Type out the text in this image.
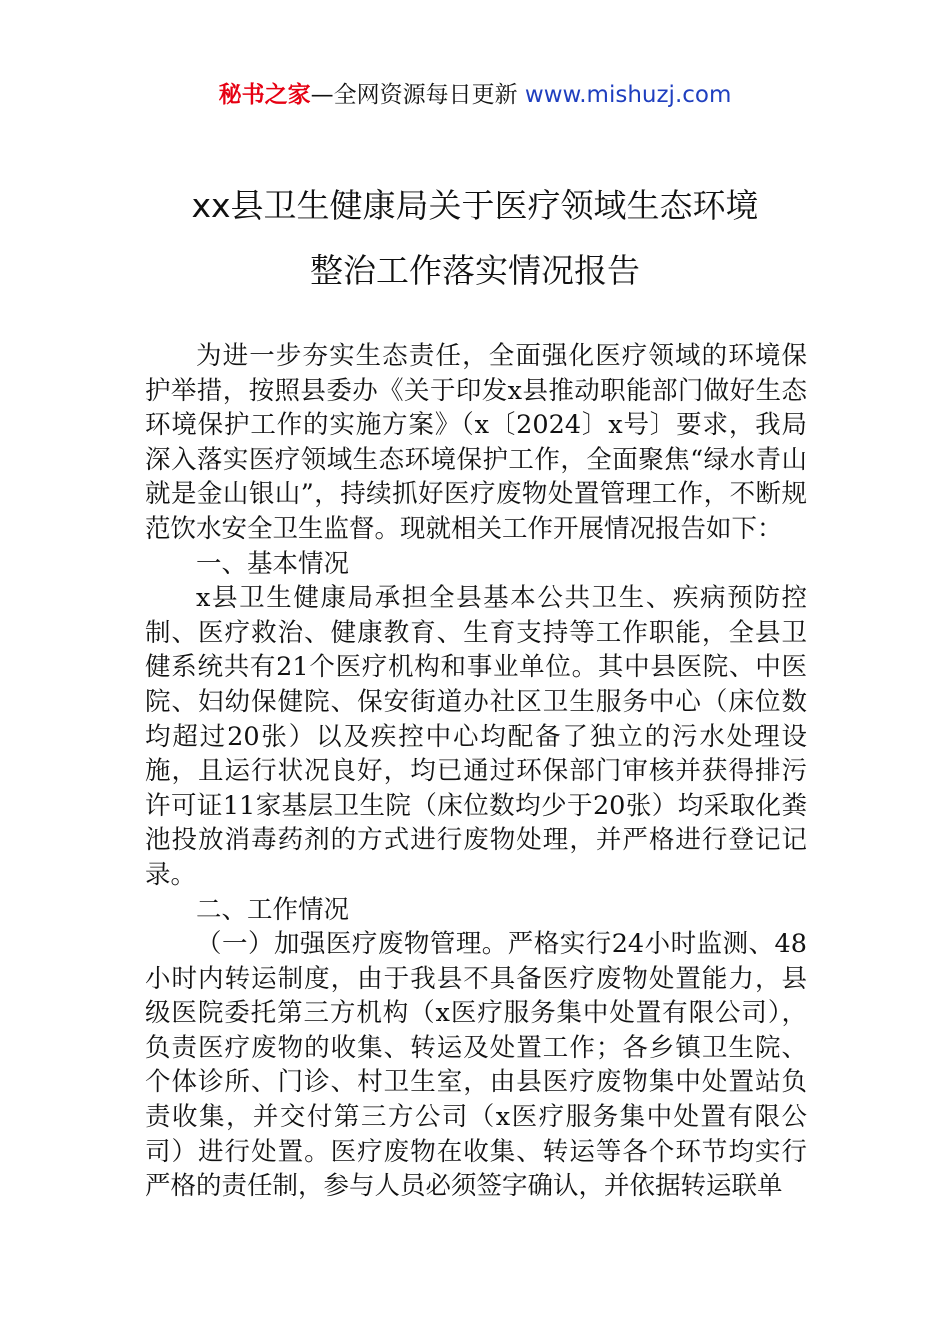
秘书之家—全网资源每日更新 www.mishuzj.com
xx县卫生健康局关于医疗领域生态环境
整治工作落实情况报告

为进一步夯实生态责任，全面强化医疗领域的环境保护举措，按照县委办《关于印发x县推动职能部门做好生态环境保护工作的实施方案》（x〔2024〕x号〕要求，我局深入落实医疗领域生态环境保护工作，全面聚焦“绿水青山就是金山银山”，持续抓好医疗废物处置管理工作，不断规范饮水安全卫生监督。现就相关工作开展情况报告如下：

一、基本情况

x县卫生健康局承担全县基本公共卫生、疾病预防控制、医疗救治、健康教育、生育支持等工作职能，全县卫健系统共有21个医疗机构和事业单位。其中县医院、中医院、妇幼保健院、保安街道办社区卫生服务中心（床位数均超过20张）以及疾控中心均配备了独立的污水处理设施，且运行状况良好，均已通过环保部门审核并获得排污许可证11家基层卫生院（床位数均少于20张）均采取化粪池投放消毒药剂的方式进行废物处理，并严格进行登记记录。

二、工作情况

（一）加强医疗废物管理。严格实行24小时监测、48小时内转运制度，由于我县不具备医疗废物处置能力，县级医院委托第三方机构（x医疗服务集中处置有限公司），负责医疗废物的收集、转运及处置工作；各乡镇卫生院、个体诊所、门诊、村卫生室，由县医疗废物集中处置站负责收集，并交付第三方公司（x医疗服务集中处置有限公司）进行处置。医疗废物在收集、转运等各个环节均实行严格的责任制，参与人员必须签字确认，并依据转运联单
